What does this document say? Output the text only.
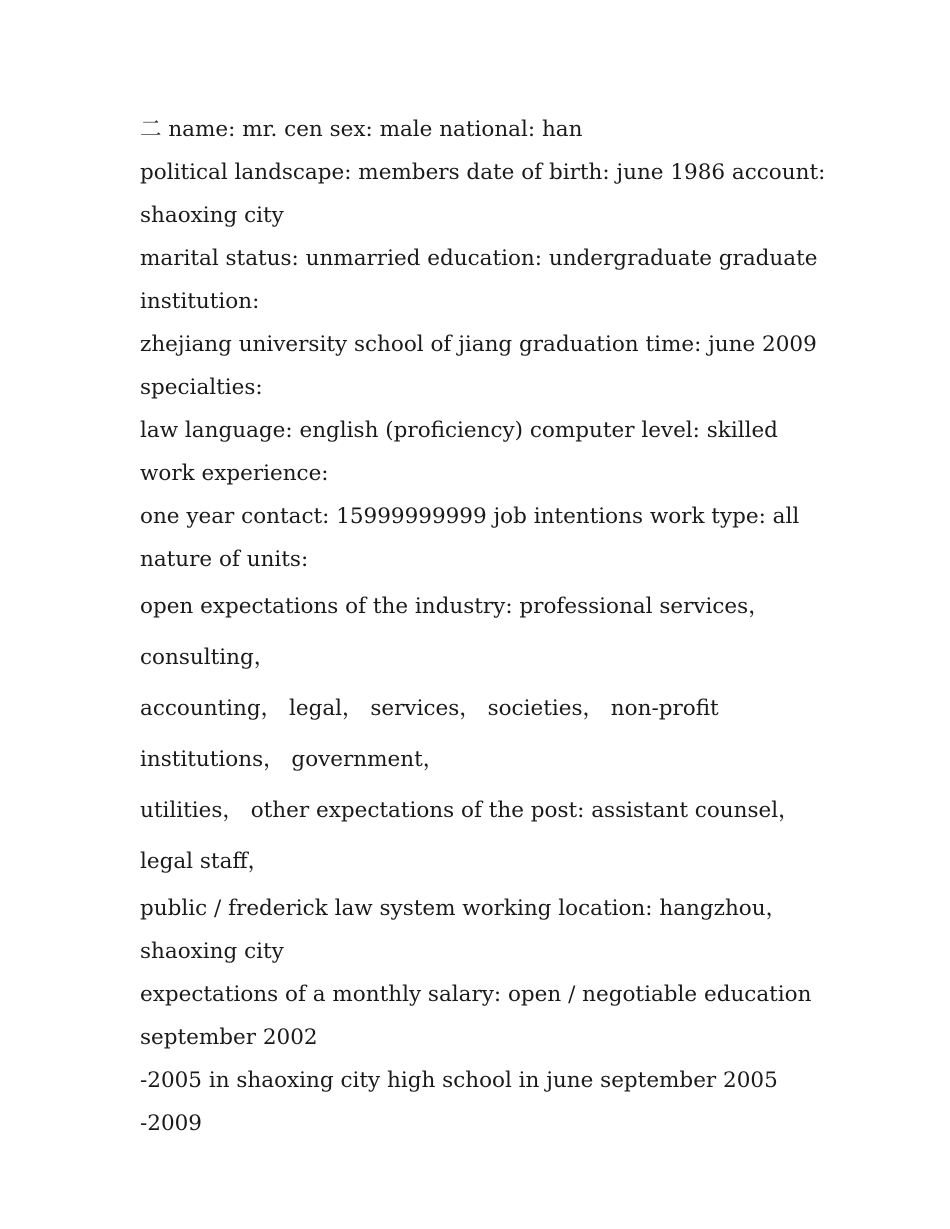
二 name: mr. cen sex: male national: han

political landscape: members date of birth: june 1986 account: shaoxing city

marital status: unmarried education: undergraduate graduate institution:

zhejiang university school of jiang graduation time: june 2009 specialties:

law language: english (proficiency) computer level: skilled work experience:

one year contact: 15999999999 job intentions work type: all nature of units:

open expectations of the industry: professional services，consulting，

accounting， legal， services， societies， non-profit institutions， government，

utilities， other expectations of the post: assistant counsel，legal staff，

public / frederick law system working location: hangzhou，shaoxing city

expectations of a monthly salary: open / negotiable education september 2002

-2005 in shaoxing city high school in june september 2005 -2009
